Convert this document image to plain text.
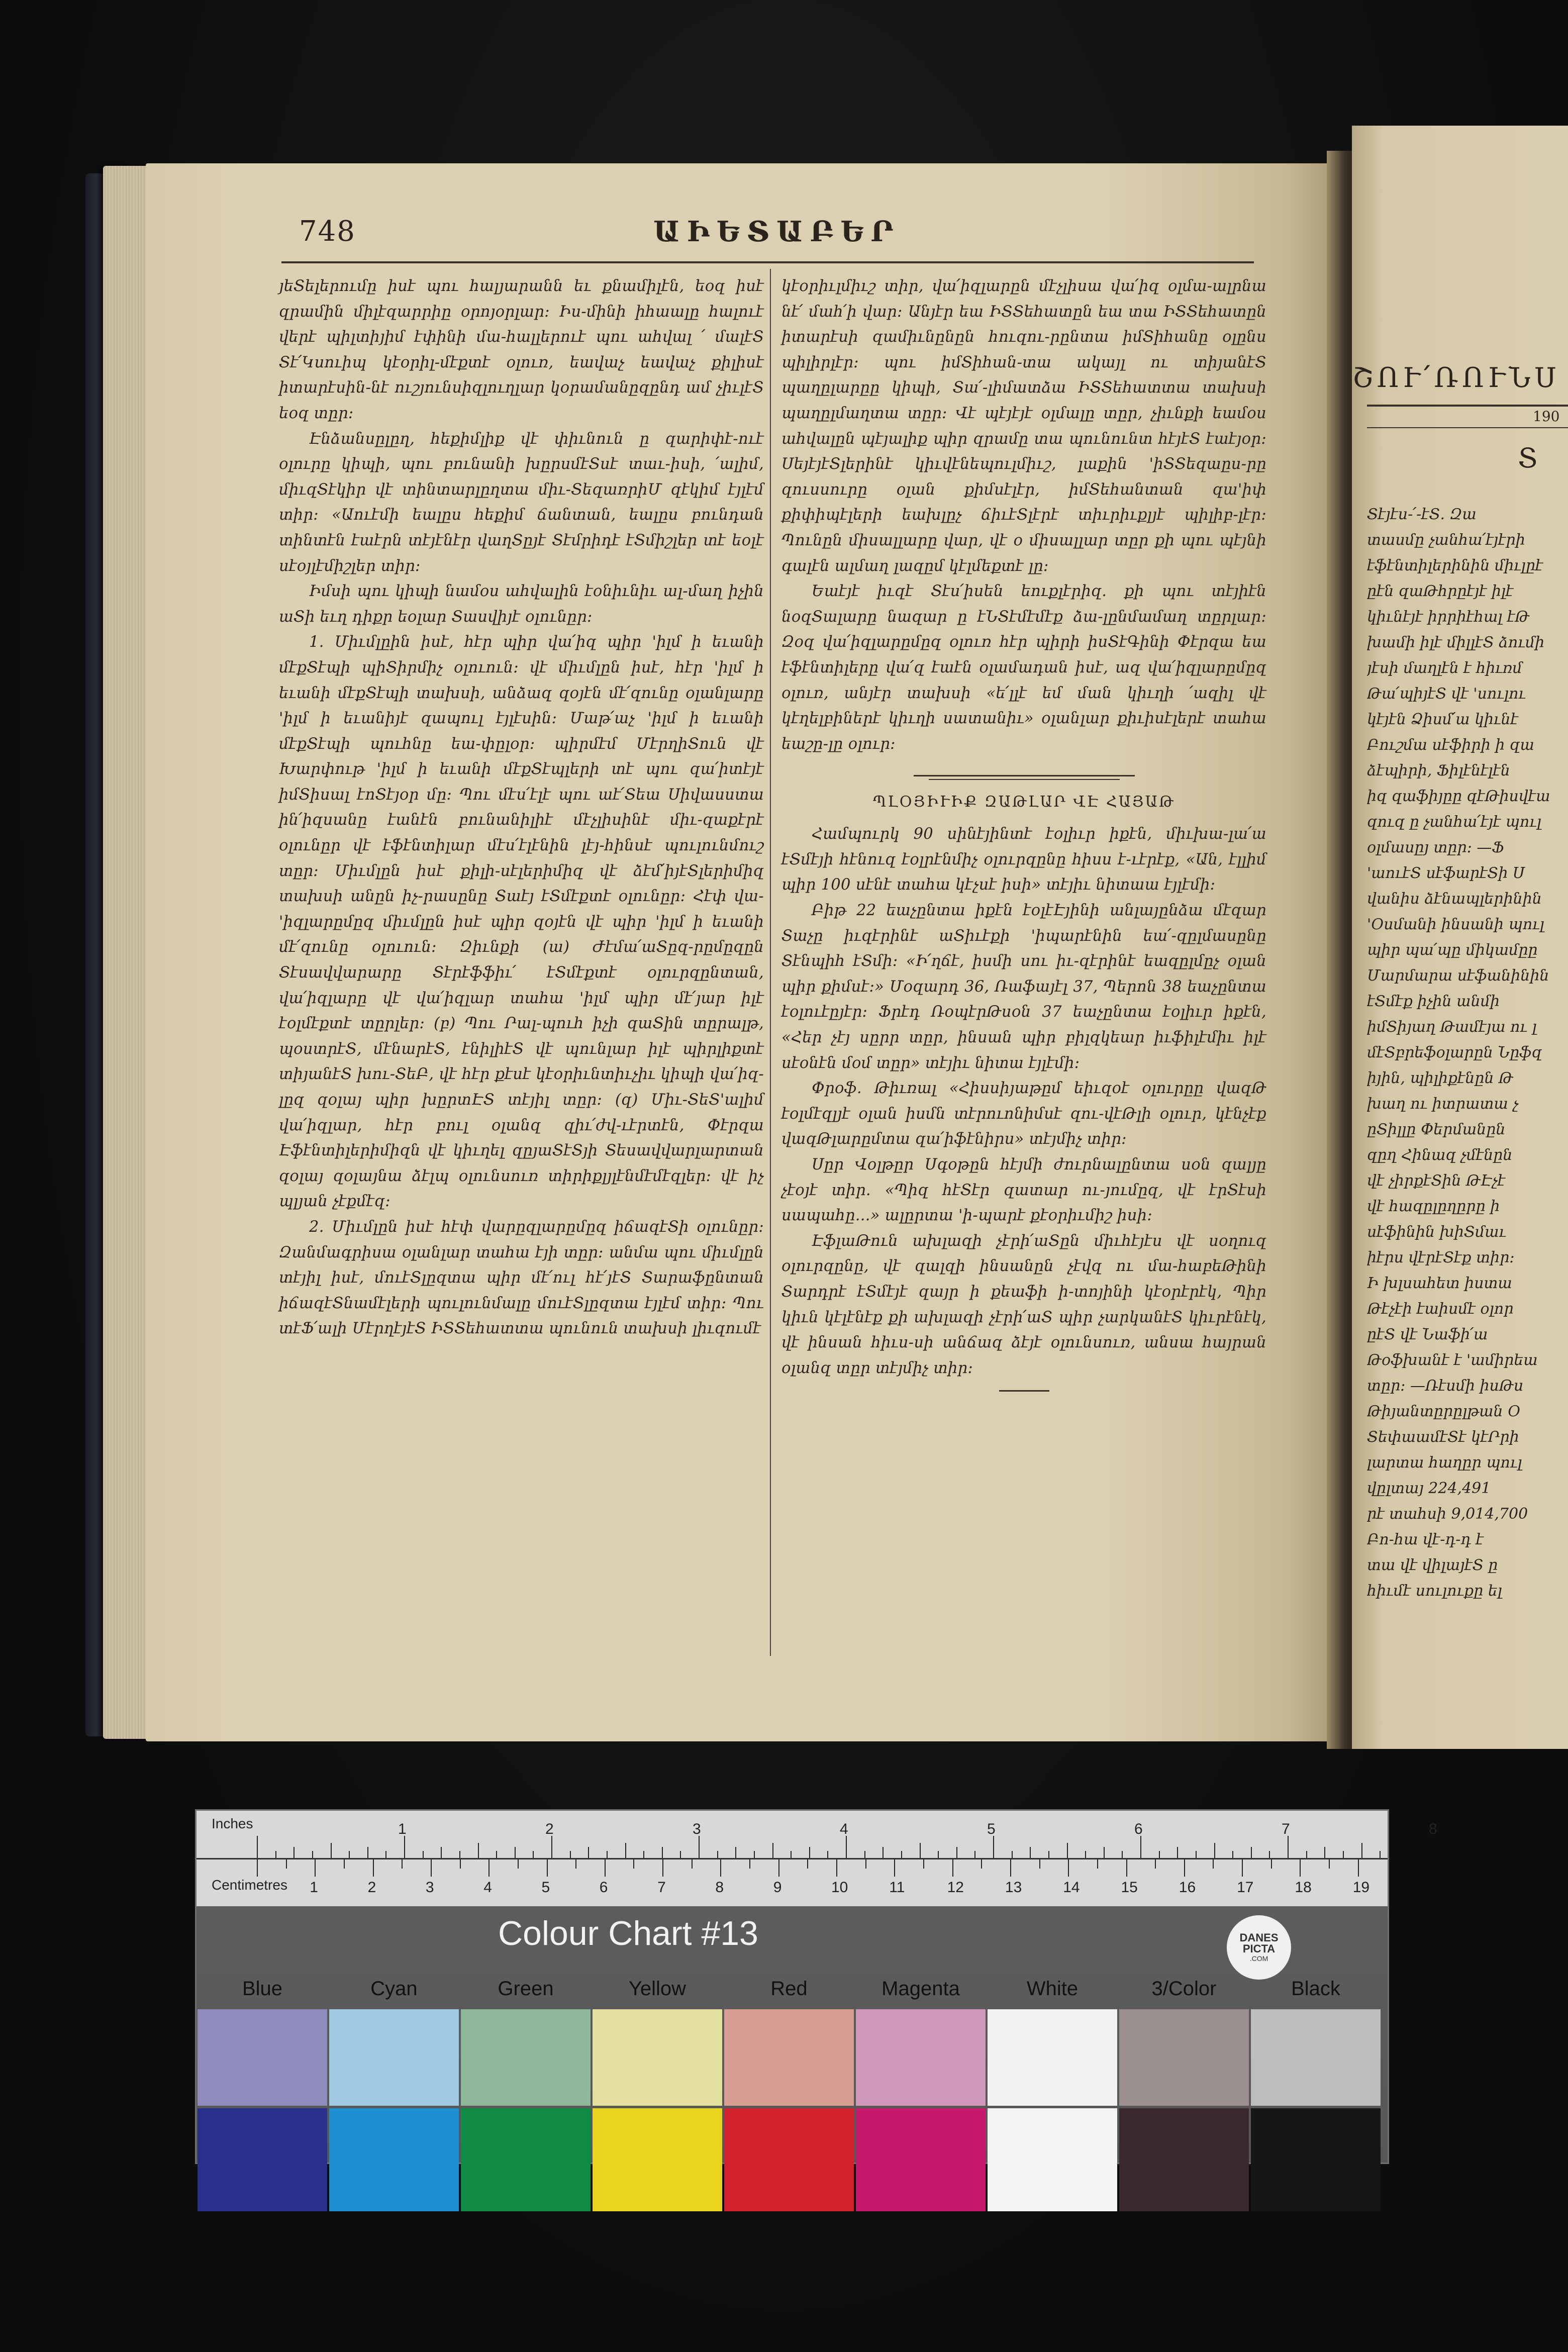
748	ԱԻԵՏԱԲԵՐ

յեՏելերումը իսէ պու հալյարանն եւ քնամիլէն, եօզ իսէ զրամին միլէզարրիը օրոյօրլար։ Իս-մինի իհաալը հալուէ վերէ պիլտիյիմ էփինի մա-հալլերուէ պու ահվալ ՛ մալէՏ Տէ՛Կսուիպ կէօրիլ-մէքտէ օլուռ, եավաչ եավաչ քիլիսէ իտարէսին-նէ ուշյունսիզլուղլար կօրամանըզընդ ամ չիւլէՏ եօզ տըր։

Էնձանսըլըղ, հեքիմլիք վէ փիւնուն ը զարիփէ-ուէ օլուրը կիպի, պու բունանի խըրսմէՏսէ տաւ-իսի, ՛ալիմ, միւզՏէկիր վէ տինտարլըղտա միւ-ՏեզառրիՄ զէկիմ էյլէմ տիր։ «Աուէմի եալըս հեքիմ ճանտան, եալըս բունդան տինտէն էաէրն տէյէնէր վաղՏըյէ Տէմրիդէ էՏմիշլեր տէ եօլէ սէօյլէմիշլեր տիր։

Իմսի պու կիպի նամօս ահվալին էօնիւնիւ ալ-մաղ իչին աՏի եւղ դիքր եօլար Տասվիյէ օլունըր։

1. Միւմլըին իսէ, հէր պիր վա՛իզ պիր 'իլմ ի եւանի մէքՏէպի պիՏիրմիչ օլուուն։ վէ միւմլըն իսէ, հէր 'իլմ ի եւանի մէքՏէպի տախսի, անձազ զօյէն մէ՛զունը օլանլարը 'իլմ ի եւանիյէ զապուլ էյլէսին։ Մաթ՛աչ 'իլմ ի եւանի մէքՏէպի պուհնը եա-փըլօր։ պիրմէմ ՄէրղիՏուն վէ Խարփութ 'իլմ ի եւանի մէքՏէպլերի տէ պու զա՛իտէյէ իմՏիսալ էոՏէյօր մը։ Պու մէս՛էլէ պու աէ՛Տեա Սիվասստա ին՛իզսանը էանէն բունանիլիէ մէչլիսինէ միւ-զաքէրէ օլունըր վէ էֆէնտիլար մէս՛էլէնին լէյ-հինսէ պուլունմուշ տըր։ Միւմլըն իսէ քիլի-սէլերիմիզ վէ ձէմ՛իյէՏլերիմիզ տախսի անըն իչ-րասընը Տաէյ էՏմէքտէ օլունըր։ Հէփ վա-'իզլարըմըզ միւմլըն իսէ պիր զօյէն վէ պիր 'իլմ ի եւանի մէ՛զունը օլուուն։ Զիւնքի (ա) Ժէմա՛աՏըզ-րըմըզըն Տէսավվարարը Տէրէֆֆիւ՛ էՏմէքտէ օլուրզընտան, վա՛իզլարը վէ վա՛իզլար տահա 'իլմ պիր մէ՛յար իլէ էօլմէքտէ տըրլեր։ (բ) Պու Րալ-պուհ իչի զաՏին տըրալթ, պօստրէՏ, մէնարէՏ, էնիլիէՏ վէ պունլար իլէ պիրլիքտէ տիյանէՏ խու-ՏեԲ, վէ հէր քէսէ կէօրիւնտիւչիւ կիպի վա՛իզ-լըզ զօլայ պիր խըրտԷՏ տէյիլ տըր։ (զ) Միւ-ՏեՏ'ալիմ վա՛իզլար, հէր բուլ օլանզ զիւ՛ժվ-ւէրտէն, Փէրզա Էֆէնտիլերիմիզն վէ կիւղել զըյաՏէՏյի Տեսավվարլարտան զօլայ զօլայնա ձէլպ օլունսուռ տիրիքլյլէնմէմէզլեր։ վէ իչ պլյան չէքմէզ։

2. Միւմլըն իսէ հէփ վարըզլարըմըզ իճազէՏի օլունըր։ Զանմագրիսա օլանլար տահա էյի տըր։ անմա պու միւմլըն տէյիլ իսէ, մուէՏլըզտա պիր մէ՛ուլ հէ՛յէՏ Տարաֆընտան իճազէՏնամէլերի պուլունմալը մուէՏլըզտա էյլէմ տիր։ Պու տէՖ՛ալի ՄէրղէյէՏ ԻՏՏեհատտա պունուն տախսի լիւզումէ

կէօրիւլմիւշ տիր, վա՛իզլարըն մէչլիսա վա՛իզ օլմա-ալրնա նէ՛ մահ՛ի վար։ Անյէր եա ԻՏՏեհատըն եա տա ԻՏՏեհատըն իտարէսի զամիւնընըն հուզու-րընտա իմՏիհանը օլընս պիլիրլէր։ պու իմՏիհան-տա ակայլ ու տիյանէՏ պաղըլարըը կիպի, Տա՛-լիմատձա ԻՏՏեհատտա տախսի պաղըլմաղտա տըր։ Վէ պէյէյէ օլմալը տըր, չիւնքի եամօս ահվալըն պէյալիք պիր զրամը տա պունունտ հէյէՏ էաէյօր։ ՍեյէյէՏլերինէ կիւվէնեպուլմիւշ, լաքին 'իՏՏեզաըս-րը զուսսուրը օլան քիմսէլէր, իմՏեհանտան զա'իփ քիփիպէլերի եախլըչ ճիւէՏլէրէ տիւրիւքլյէ պիլիբ-լէր։ Պունըն միսալլարը վար, վէ օ միսալլար տըր քի պու պէյնի գալէն ալմաղ լազըմ կէլմեքտէ լը։

Եաէյէ իւզէ Տէս՛իսեն եուքլէրիզ. քի պու տէյիէն նօզՏալարը նազար ը էՆՏէմէմէք ձա-լընմամաղ տըրլար։ Զօզ վա՛իզլարըմըզ օլուռ հէր պիրի իսՏէԳինի Փէրզա եա էֆէնտիլերը վա՛զ էաէն օլամադան իսէ, ազ վա՛իզլարըմըզ օլուռ, անյէր տախսի «ե՛լլէ եմ ման կիւղի ՛ազիլ վէ կէղելբիներէ կիւղի սատանիւ» օլանլար քիւիսէլերէ տահա եաշը-լը օլուր։

ՊԼՕՅԻՒԻՔ ԶԱԹԼԱՐ ՎԷ ՀԱՅԱԹ

Համպուրկ 90 սինէյինտէ էօլիւր իքէն, միւխա-լա՛ա էՏմէյի հէնուզ էօլրէնմիչ օլուրզընը հիսս է-ւէրէք, «Ան, էլլիմ պիր 100 սէնէ տահա կէչսէ իսի» տէյիւ նիտաա էյլէմի։

Բիթ 22 եաչընտա իքէն էօլէԷյինի անլայընձա մէզար Տաչը իւզէրինէ աՏիւէքի 'իպարէնին եա՛-զըլմասընը Տէնպիհ էՏմի։ «Ի՛ղճէ, իսմի սու իւ-զէրինէ եազըլմըչ օլան պիր քիմսէ։» Մօզարդ 36, Ռաֆայէլ 37, Պերոն 38 եաչընտա էօլուէըյէր։ Ֆրէդ ՌօպէրԹսօն 37 եաչընտա էօլիւր իքէն, «Հեր չէյ սըրր տըր, ինսան պիր բիլզկեար իւֆիլէմիւ իլէ սէօնէն մօմ տըր» տէյիւ նիտա էյլէմի։

Փրօֆ. Թիւռալ «Հիսսիյաթըմ եիւզօէ օլուրըը վազԹ էօլմէզլյէ օլան իսմն տէրուոնիմսէ զու-վէԹլի օլուր, կէնչէք վազԹլարըմտա զա՛իֆէնիրս» տէյմիչ տիր։

Սըր Վօլթըր Սգօթըն հէյմի ժուրնալընտա սօն զալյը չէօյէ տիր. «Պիզ հէՏէր զատար ու-յումըզ, վէ էրՏէսի սապահը...» ալըրտա 'ի-պարէ քէօրիւմիշ իսի։

ԷֆլաԹուն ախլազի չէրի՛աՏըն միւհէյէս վէ սօղուզ օլուրզընը, վէ զալզի ինսանըն չէվզ ու մա-հաբեԹինի Տարդրէ էՏմէյէ զայր ի քեաֆի ի-տոյինի կէօրէրէկ, Պիր կիւն կէլէնէք քի ախլազի չէրի՛աՏ պիր չարկանէՏ կիւրէնէկ, վէ ինսան հիւս-սի անճազ ձէյէ օլունսուռ, անսա հայրան օլանզ տըր տէյմիչ տիր։

ՇՈՒ՛ՌՈՒՆՍ
190
Տ
Տէյէս-՛-էՏ. Զա
տասմը չանհա՛էյէրի
էֆէնտիլերինին միւլըէ
ըէն զաԹհրըէյէ իլէ
կիւնէյէ իրրիէհալ էԹ
խամի իլէ միլլէՏ ձումի
յէսի մաղլէն է հիւռմ
Թա՛պիյէՏ վէ 'սուլու
կէյէն Ձիսմ՛ա կիւնէ
Բուշմա սէֆիրի ի զա
ձէպիրի, Ֆիլէնէլէն
իզ զաֆիյըը զէԹիսվէա
զուզ ը չանհա՛էյէ պուլ
օլմասըյ տըր։ —Ֆ
'աուէՏ սէֆարէՏի Ս
վանիս ձէնապլերինին
'Օսմանի ինսանի պուլ
պիր պա՛պը միկամըը
Մարմարա սէֆանինին
էՏմէք իչին անմի
իմՏիյաղ Թամէյա ու լ
մէՏբրեֆօլարըն Նըֆզ
իյին, պիլիքէնըն Թ
խաղ ու իտրատա չ
ըՏիլլը Փերմանըն
զըղ Հինազ չմէնըն
վէ չիրքէՏին ԹԷչէ
վէ հազըլըղըրը ի
սէֆինին խիՏմաւ
իէրս վէրէՏէք տիր։
Ի խլսահետ իստա
Թէչէի էաիսմէ օլոր
ըէՏ վէ Նաֆի՛ա
Թօֆխանէ է 'ամիրեա
տըր։ —Ռէսմի իսԹս
Թիյանտըրըլթան Օ
ՏեփաամէՏէ կէՐրի
լարտա հաղըր պուլ
վըլտայ 224,491
րէ տահսի 9,014,700
Բո-հա վէ-դ-դ է
տա վէ վիլայէՏ ը
հիւմէ սուլուքը ել
Inches
Centimetres
1	2	3	4	5	6	7	8
1	2	3	4	5	6	7	8	9	10	11	12	13	14	15	16	17	18	19
Colour Chart #13	DANES PICTA
.COM
Blue	Cyan	Green	Yellow	Red	Magenta	White	3/Color	Black
